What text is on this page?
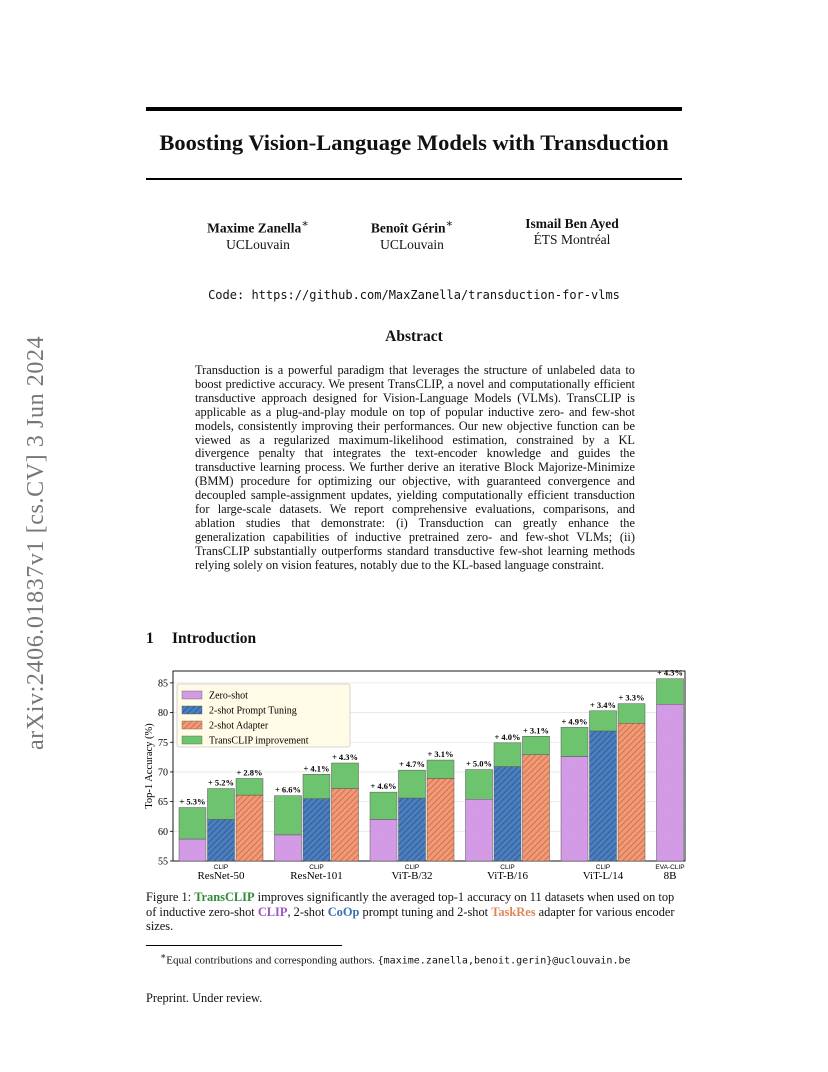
arXiv:2406.01837v1 [cs.CV] 3 Jun 2024
Boosting Vision-Language Models with Transduction
Maxime Zanella∗
UCLouvain
Benoît Gérin∗
UCLouvain
Ismail Ben Ayed
ÉTS Montréal
Code: https://github.com/MaxZanella/transduction-for-vlms
Abstract
Transduction is a powerful paradigm that leverages the structure of unlabeled data to boost predictive accuracy. We present TransCLIP, a novel and computationally efficient transductive approach designed for Vision-Language Models (VLMs). TransCLIP is applicable as a plug-and-play module on top of popular inductive zero- and few-shot models, consistently improving their performances. Our new objective function can be viewed as a regularized maximum-likelihood estimation, constrained by a KL divergence penalty that integrates the text-encoder knowledge and guides the transductive learning process. We further derive an iterative Block Majorize-Minimize (BMM) procedure for optimizing our objective, with guaranteed convergence and decoupled sample-assignment updates, yielding computationally efficient transduction for large-scale datasets. We report comprehensive evaluations, comparisons, and ablation studies that demonstrate: (i) Transduction can greatly enhance the generalization capabilities of inductive pretrained zero- and few-shot VLMs; (ii) TransCLIP substantially outperforms standard transductive few-shot learning methods relying solely on vision features, notably due to the KL-based language constraint.
1 Introduction
55
60
65
70
75
80
85
Top-1 Accuracy (%)	+ 5.3%
+ 5.2%
+ 2.8%
CLIP
ResNet-50
+ 6.6%
+ 4.1%
+ 4.3%
CLIP
ResNet-101
+ 4.6%
+ 4.7%
+ 3.1%
CLIP
ViT-B/32
+ 5.0%
+ 4.0%
+ 3.1%
CLIP
ViT-B/16
+ 4.9%
+ 3.4%
+ 3.3%
CLIP
ViT-L/14
+ 4.3%
EVA-CLIP
8B
Zero-shot
2-shot Prompt Tuning
2-shot Adapter
TransCLIP improvement
Figure 1: TransCLIP improves significantly the averaged top-1 accuracy on 11 datasets when used on top of inductive zero-shot CLIP, 2-shot CoOp prompt tuning and 2-shot TaskRes adapter for various encoder sizes.
∗Equal contributions and corresponding authors. {maxime.zanella,benoit.gerin}@uclouvain.be
Preprint. Under review.
